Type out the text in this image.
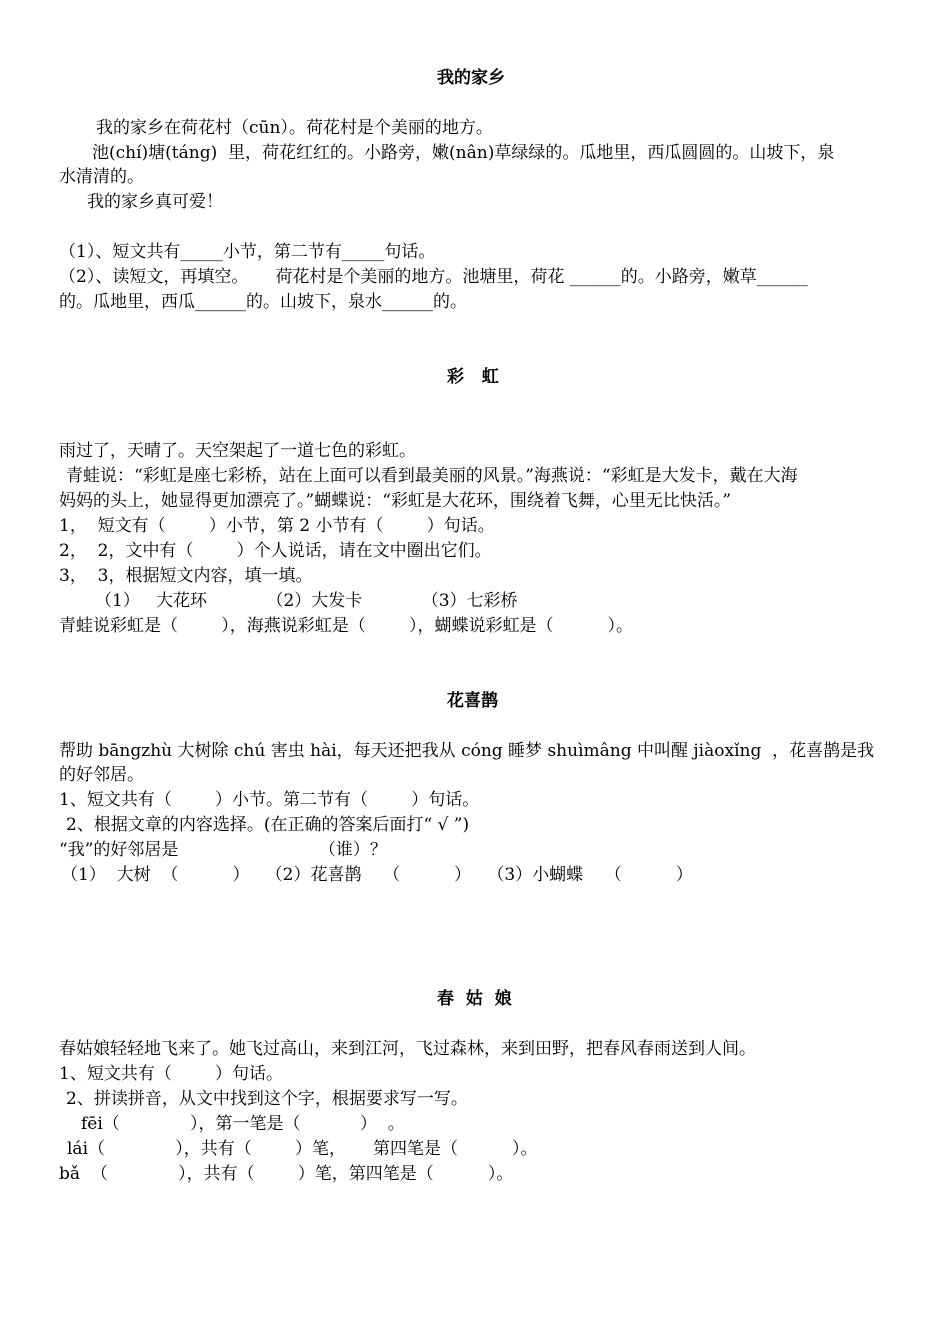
我的家乡
我的家乡在荷花村（cūn）。荷花村是个美丽的地方。
池(chí)塘(táng)  里，荷花红红的。小路旁，嫩(nân)草绿绿的。瓜地里，西瓜圆圆的。山坡下，泉
水清清的。
我的家乡真可爱！
（1）、短文共有_____小节，第二节有_____句话。
（2）、读短文，再填空。     荷花村是个美丽的地方。池塘里，荷花 ______的。小路旁，嫩草______
的。瓜地里，西瓜______的。山坡下，泉水______的。
彩   虹
雨过了，天晴了。天空架起了一道七色的彩虹。
青蛙说：“彩虹是座七彩桥，站在上面可以看到最美丽的风景。”海燕说：“彩虹是大发卡，戴在大海
妈妈的头上，她显得更加漂亮了。”蝴蝶说：“彩虹是大花环，围绕着飞舞，心里无比快活。”
1，  短文有（        ）小节，第 2 小节有（        ）句话。
2，  2，文中有（        ）个人说话，请在文中圈出它们。
3，  3，根据短文内容，填一填。
（1）   大花环           （2）大发卡           （3）七彩桥
青蛙说彩虹是（        ），海燕说彩虹是（        ），蝴蝶说彩虹是（          ）。
花喜鹊
帮助 bāngzhù 大树除 chú 害虫 hài，每天还把我从 cóng 睡梦 shuìmâng 中叫醒 jiàoxǐng  ，花喜鹊是我
的好邻居。
1、短文共有（        ）小节。第二节有（        ）句话。
2、根据文章的内容选择。(在正确的答案后面打“ √ ”)
“我”的好邻居是                          （谁）？
（1）  大树  （          ）   （2）花喜鹊    （          ）   （3）小蝴蝶    （          ）
春  姑  娘
春姑娘轻轻地飞来了。她飞过高山，来到江河，飞过森林，来到田野，把春风春雨送到人间。
1、短文共有（        ）句话。
2、拼读拼音，从文中找到这个字，根据要求写一写。
fēi（             ），第一笔是（           ）  。
lái（             ），共有（        ）笔，     第四笔是（          ）。
bǎ  （             ），共有（        ）笔，第四笔是（          ）。
